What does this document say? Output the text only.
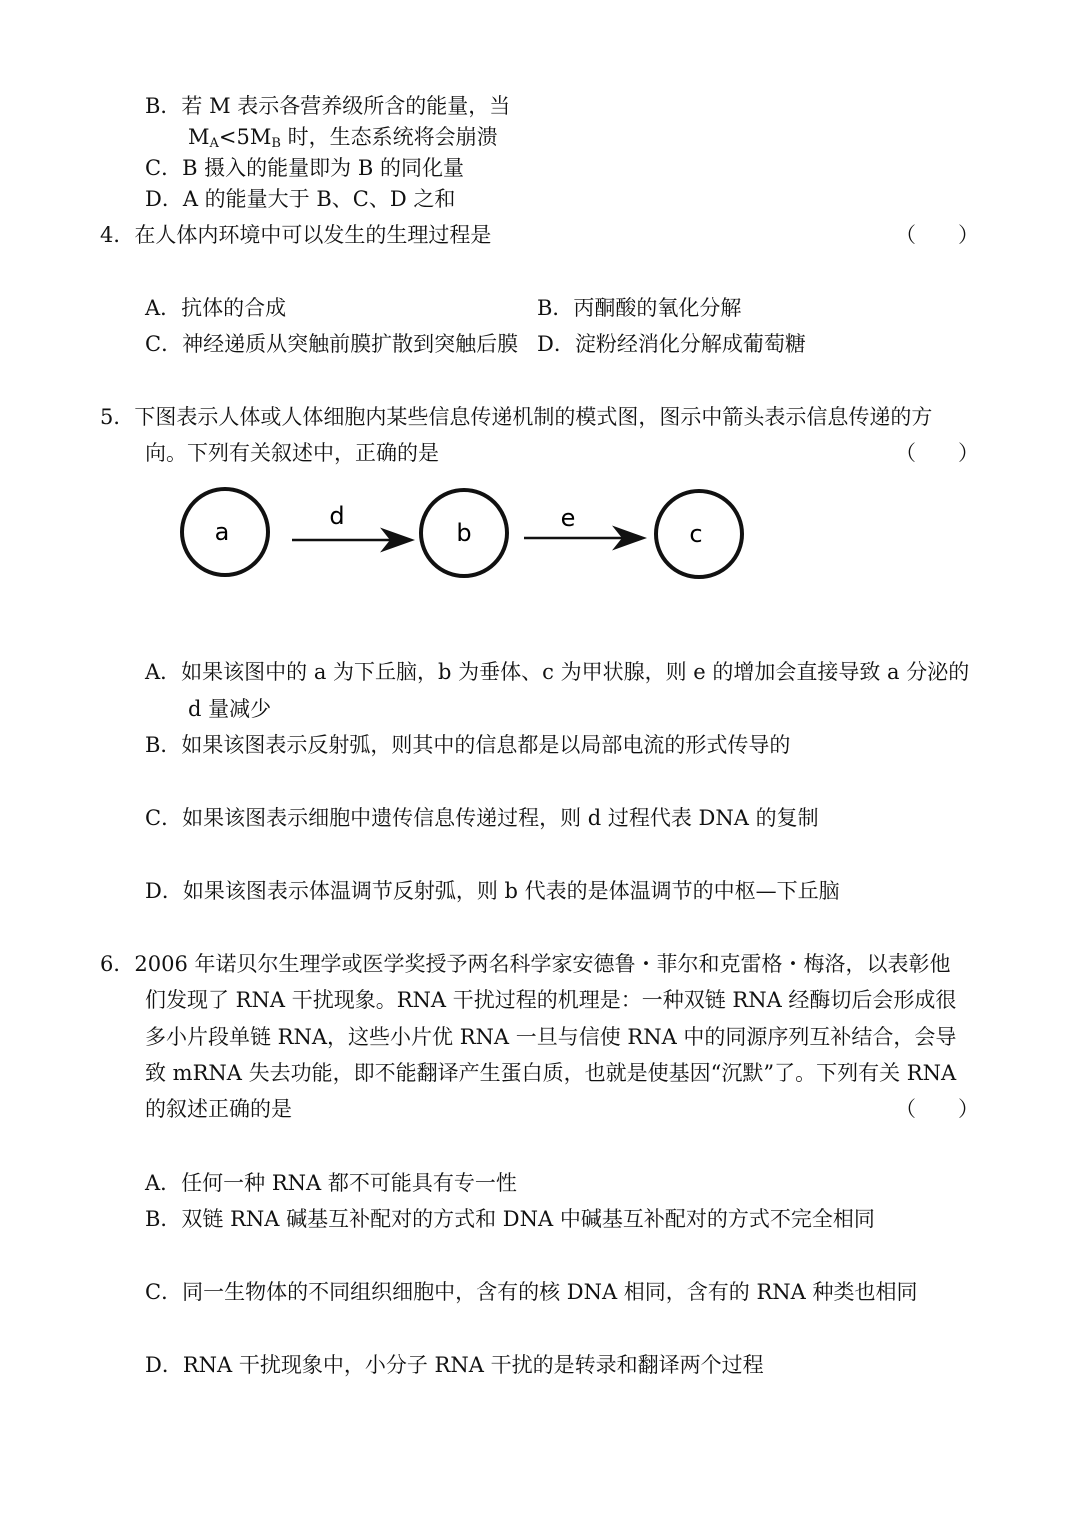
B．若 M 表示各营养级所含的能量，当
$M_A<5M_B$ 时，生态系统将会崩溃
C．B 摄入的能量即为 B 的同化量
D．A 的能量大于 B、C、D 之和
4．在人体内环境中可以发生的生理过程是	（　　）
A．抗体的合成	B．丙酮酸的氧化分解
C．神经递质从突触前膜扩散到突触后膜 D．淀粉经消化分解成葡萄糖
5．下图表示人体或人体细胞内某些信息传递机制的模式图，图示中箭头表示信息传递的方
向。下列有关叙述中，正确的是	（　　）
a
d
b
e
c
A．如果该图中的 a 为下丘脑，b 为垂体、c 为甲状腺，则 e 的增加会直接导致 a 分泌的
d 量减少
B．如果该图表示反射弧，则其中的信息都是以局部电流的形式传导的
C．如果该图表示细胞中遗传信息传递过程，则 d 过程代表 DNA 的复制
D．如果该图表示体温调节反射弧，则 b 代表的是体温调节的中枢—下丘脑
6．2006 年诺贝尔生理学或医学奖授予两名科学家安德鲁・菲尔和克雷格・梅洛，以表彰他
们发现了 RNA 干扰现象。RNA 干扰过程的机理是：一种双链 RNA 经酶切后会形成很
多小片段单链 RNA，这些小片优 RNA 一旦与信使 RNA 中的同源序列互补结合，会导
致 mRNA 失去功能，即不能翻译产生蛋白质，也就是使基因“沉默”了。下列有关 RNA
的叙述正确的是	（　　）
A．任何一种 RNA 都不可能具有专一性
B．双链 RNA 碱基互补配对的方式和 DNA 中碱基互补配对的方式不完全相同
C．同一生物体的不同组织细胞中，含有的核 DNA 相同，含有的 RNA 种类也相同
D．RNA 干扰现象中，小分子 RNA 干扰的是转录和翻译两个过程
